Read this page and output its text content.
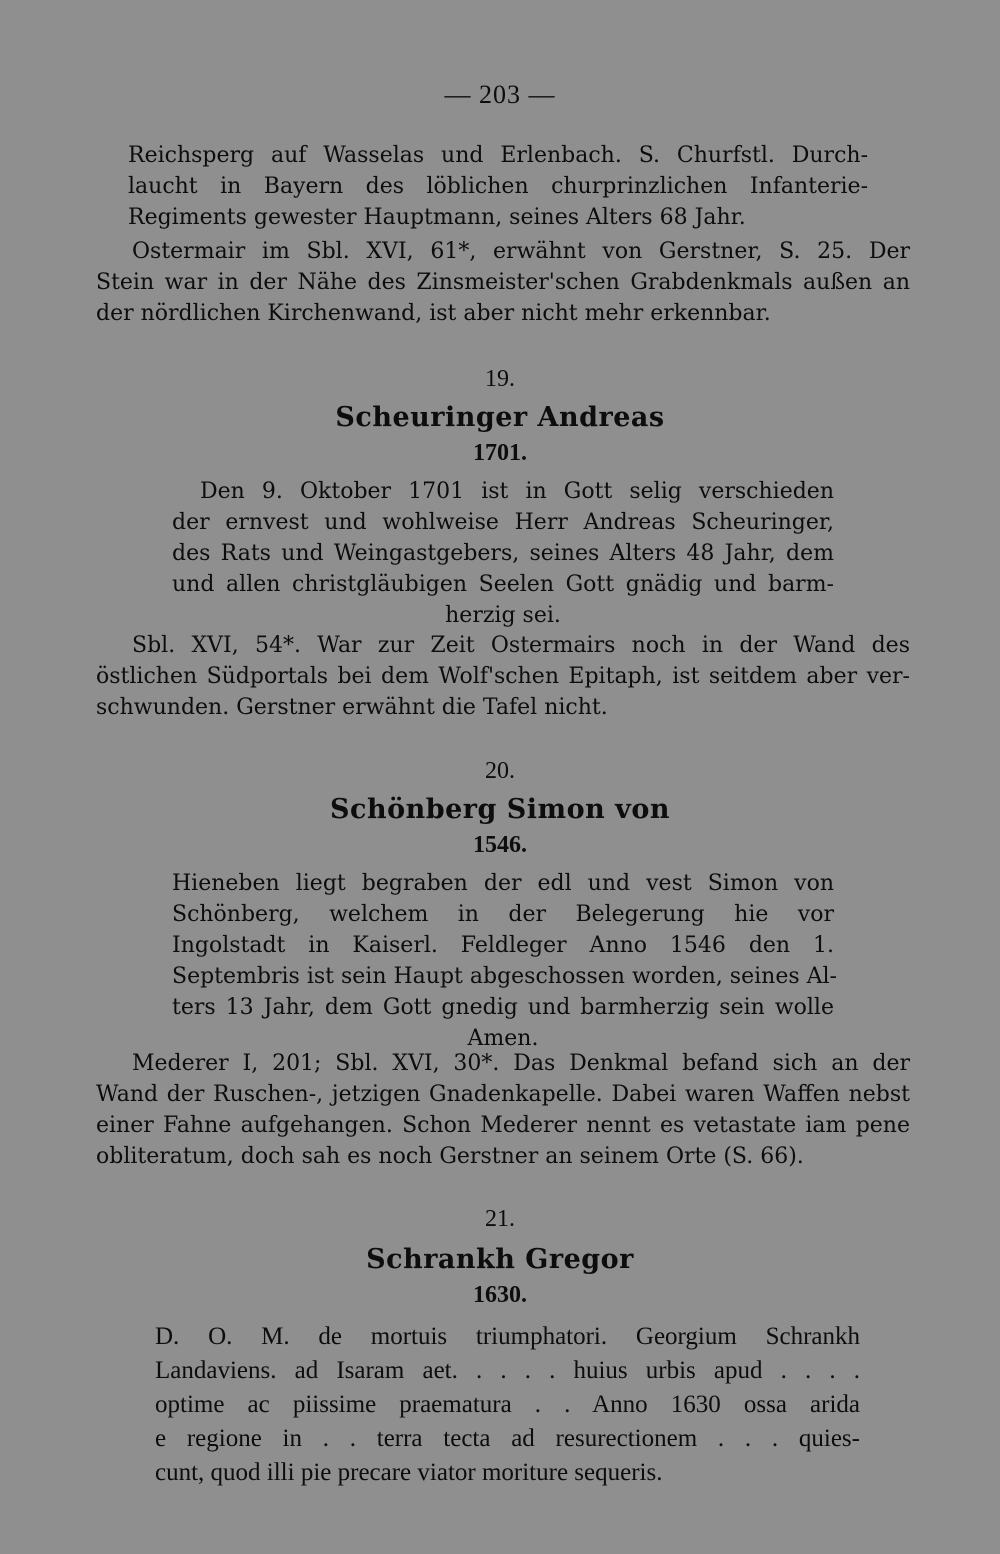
— 203 —
Reichsperg auf Wasselas und Erlenbach. S. Churfstl. Durch-
laucht in Bayern des löblichen churprinzlichen Infanterie-
Regiments gewester Hauptmann, seines Alters 68 Jahr.
Ostermair im Sbl. XVI, 61*, erwähnt von Gerstner, S. 25. Der
Stein war in der Nähe des Zinsmeister'schen Grabdenkmals außen an
der nördlichen Kirchenwand, ist aber nicht mehr erkennbar.
19.
Scheuringer Andreas
1701.
Den 9. Oktober 1701 ist in Gott selig verschieden
der ernvest und wohlweise Herr Andreas Scheuringer,
des Rats und Weingastgebers, seines Alters 48 Jahr, dem
und allen christgläubigen Seelen Gott gnädig und barm-
herzig sei.
Sbl. XVI, 54*. War zur Zeit Ostermairs noch in der Wand des
östlichen Südportals bei dem Wolf'schen Epitaph, ist seitdem aber ver-
schwunden. Gerstner erwähnt die Tafel nicht.
20.
Schönberg Simon von
1546.
Hieneben liegt begraben der edl und vest Simon von
Schönberg, welchem in der Belegerung hie vor
Ingolstadt in Kaiserl. Feldleger Anno 1546 den 1.
Septembris ist sein Haupt abgeschossen worden, seines Al-
ters 13 Jahr, dem Gott gnedig und barmherzig sein wolle
Amen.
Mederer I, 201; Sbl. XVI, 30*. Das Denkmal befand sich an der
Wand der Ruschen-, jetzigen Gnadenkapelle. Dabei waren Waffen nebst
einer Fahne aufgehangen. Schon Mederer nennt es vetastate iam pene
obliteratum, doch sah es noch Gerstner an seinem Orte (S. 66).
21.
Schrankh Gregor
1630.
D. O. M. de mortuis triumphatori. Georgium Schrankh
Landaviens. ad Isaram aet. . . . . huius urbis apud . . . .
optime ac piissime praematura . . Anno 1630 ossa arida
e regione in . . terra tecta ad resurectionem . . . quies-
cunt, quod illi pie precare viator moriture sequeris.
